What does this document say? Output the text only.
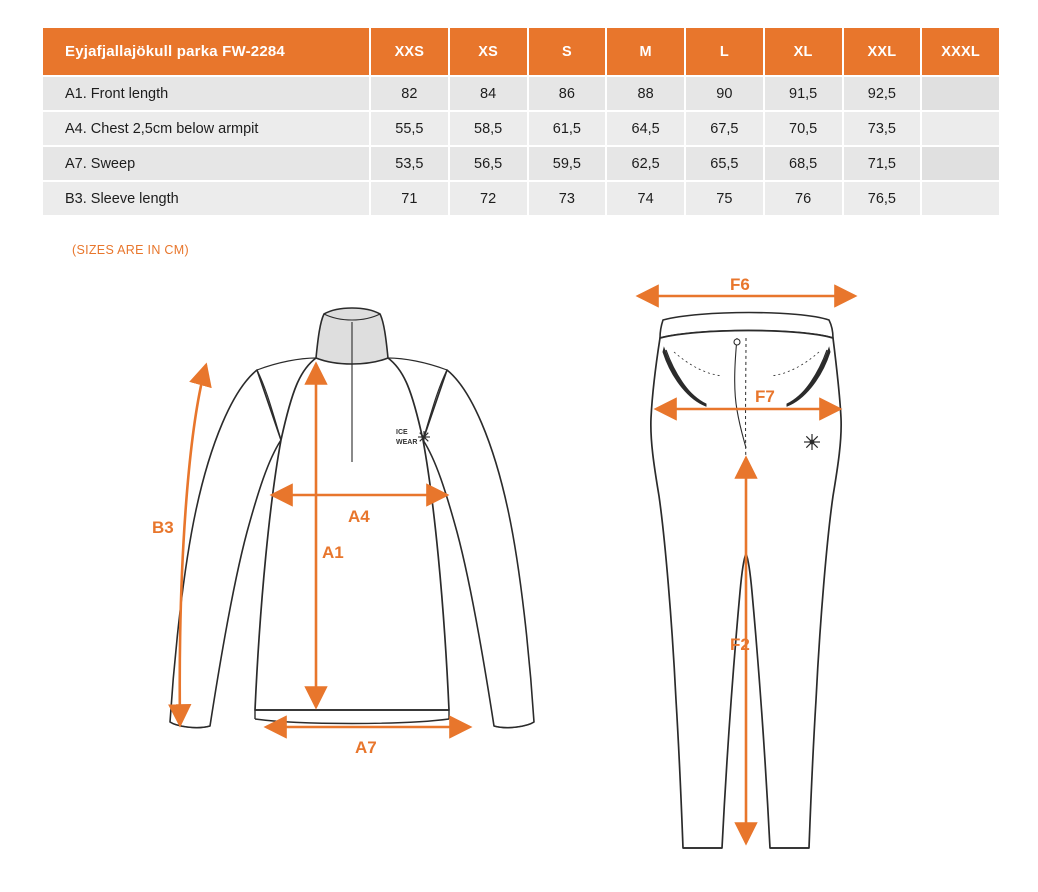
Eyjafjallajökull parka FW-2284	XXS	XS	S	M	L	XL	XXL	XXXL
A1. Front length	82	84	86	88	90	91,5	92,5	
A4. Chest 2,5cm below armpit	55,5	58,5	61,5	64,5	67,5	70,5	73,5	
A7. Sweep	53,5	56,5	59,5	62,5	65,5	68,5	71,5	
B3. Sleeve length	71	72	73	74	75	76	76,5	
(SIZES ARE IN CM)
ICE
WEAR
B3
A4
A1
A7
F6
F7
F2
